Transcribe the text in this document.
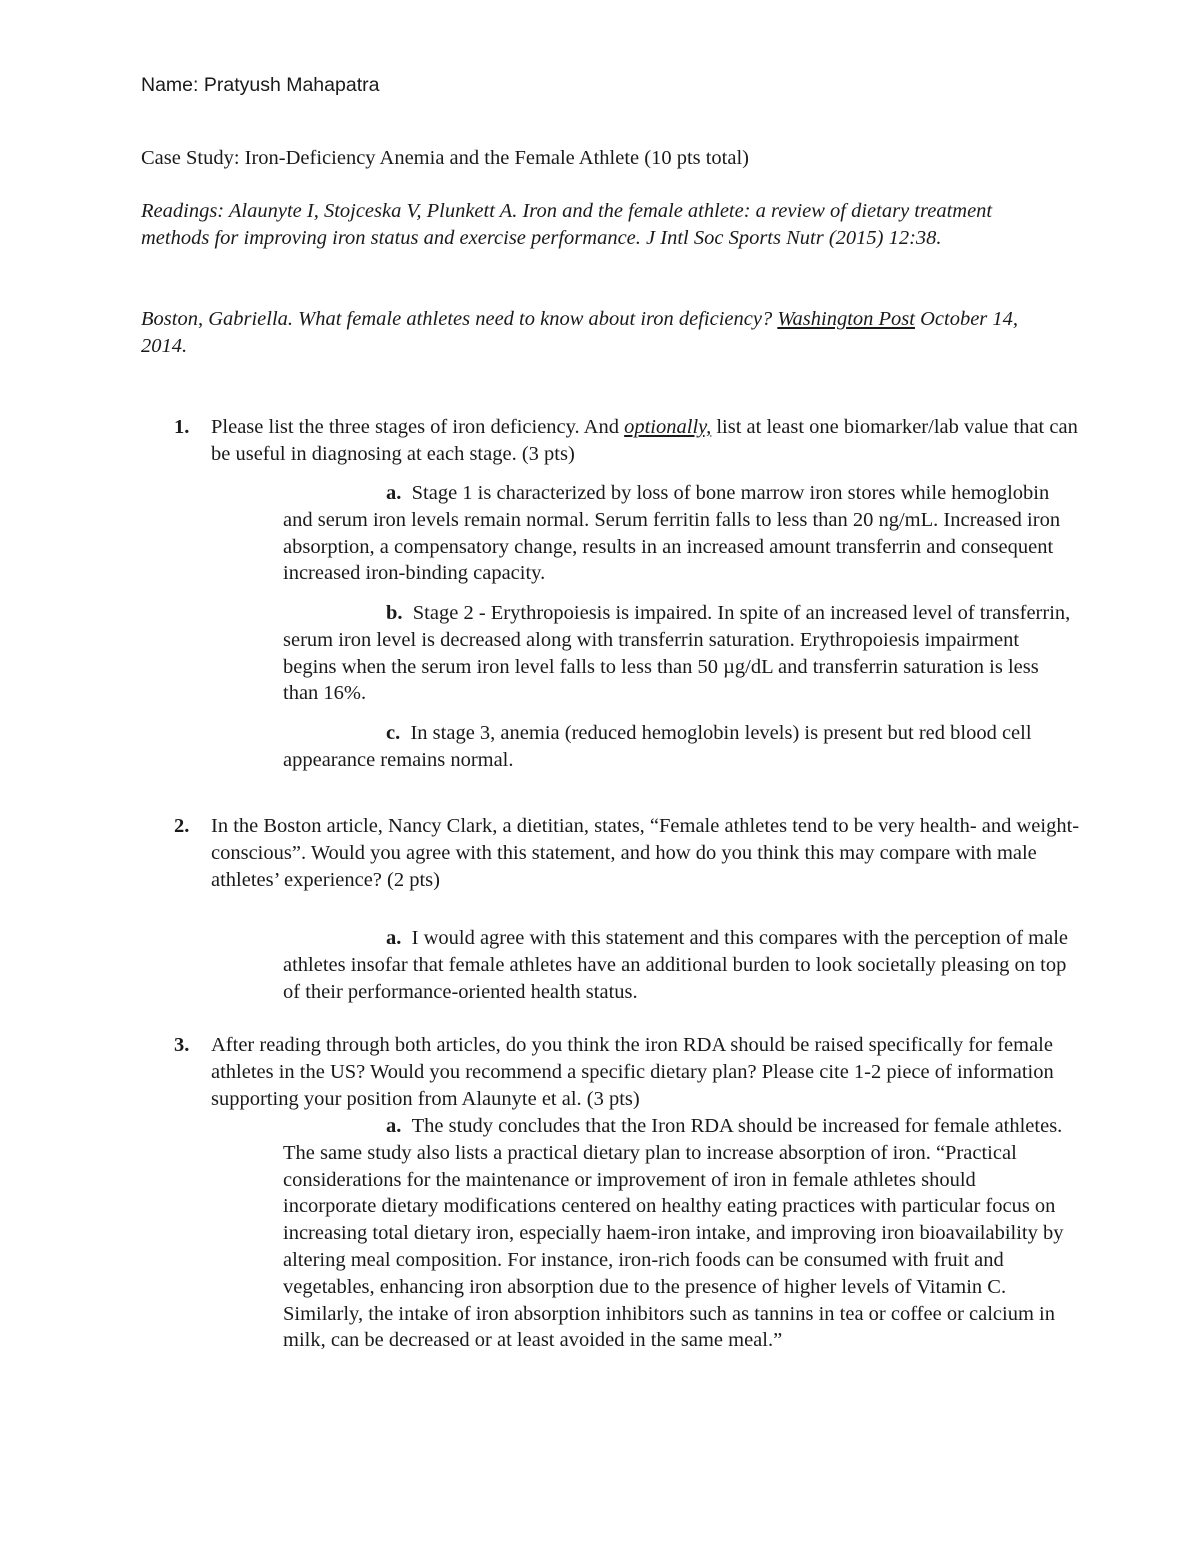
Name: Pratyush Mahapatra
Case Study: Iron-Deficiency Anemia and the Female Athlete (10 pts total)
Readings: Alaunyte I, Stojceska V, Plunkett A. Iron and the female athlete: a review of dietary treatment methods for improving iron status and exercise performance. J Intl Soc Sports Nutr (2015) 12:38.
Boston, Gabriella. What female athletes need to know about iron deficiency? Washington Post October 14, 2014.
1. Please list the three stages of iron deficiency. And optionally, list at least one biomarker/lab value that can be useful in diagnosing at each stage. (3 pts)
a. Stage 1 is characterized by loss of bone marrow iron stores while hemoglobin and serum iron levels remain normal. Serum ferritin falls to less than 20 ng/mL. Increased iron absorption, a compensatory change, results in an increased amount transferrin and consequent increased iron-binding capacity.
b. Stage 2 - Erythropoiesis is impaired. In spite of an increased level of transferrin, serum iron level is decreased along with transferrin saturation. Erythropoiesis impairment begins when the serum iron level falls to less than 50 µg/dL and transferrin saturation is less than 16%.
c. In stage 3, anemia (reduced hemoglobin levels) is present but red blood cell appearance remains normal.
2. In the Boston article, Nancy Clark, a dietitian, states, “Female athletes tend to be very health- and weight-conscious”. Would you agree with this statement, and how do you think this may compare with male athletes’ experience? (2 pts)
a. I would agree with this statement and this compares with the perception of male athletes insofar that female athletes have an additional burden to look societally pleasing on top of their performance-oriented health status.
3. After reading through both articles, do you think the iron RDA should be raised specifically for female athletes in the US? Would you recommend a specific dietary plan? Please cite 1-2 piece of information supporting your position from Alaunyte et al. (3 pts)
a. The study concludes that the Iron RDA should be increased for female athletes. The same study also lists a practical dietary plan to increase absorption of iron. “Practical considerations for the maintenance or improvement of iron in female athletes should incorporate dietary modifications centered on healthy eating practices with particular focus on increasing total dietary iron, especially haem-iron intake, and improving iron bioavailability by altering meal composition. For instance, iron-rich foods can be consumed with fruit and vegetables, enhancing iron absorption due to the presence of higher levels of Vitamin C. Similarly, the intake of iron absorption inhibitors such as tannins in tea or coffee or calcium in milk, can be decreased or at least avoided in the same meal.”
